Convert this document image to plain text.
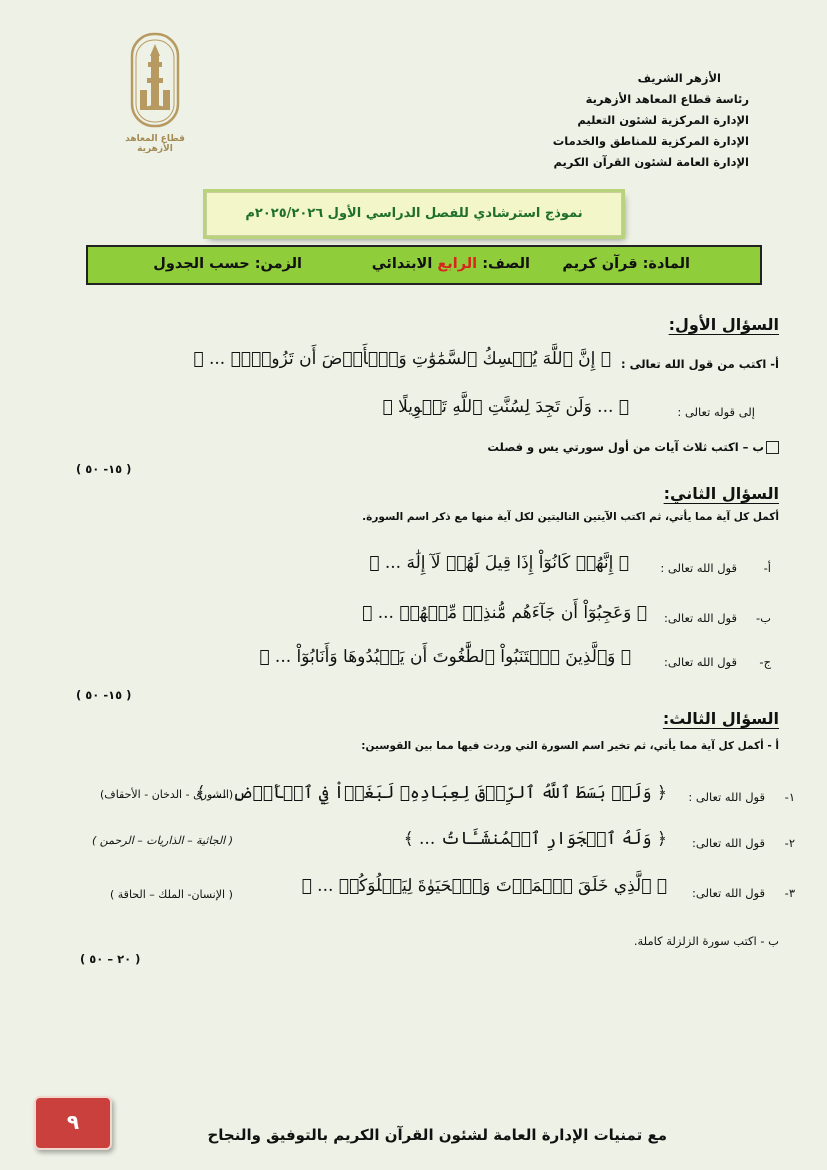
قطاع المعاهد الأزهرية
الأزهر الشريف
رئاسة قطاع المعاهد الأزهرية
الإدارة المركزية لشئون التعليم
الإدارة المركزية للمناطق والخدمات
الإدارة العامة لشئون القرآن الكريم
نموذج استرشادي للفصل الدراسي الأول ٢٠٢٥/٢٠٢٦م
المادة: قرآن كريم
الصف: الرابع الابتدائي
الزمن: حسب الجدول
السؤال الأول:
أ- اكتب من قول الله تعالى :
﴿ إِنَّ ٱللَّهَ يُمۡسِكُ ٱلسَّمَٰوَٰتِ وَٱلۡأَرۡضَ أَن تَزُولَاۚ ... ﴾
إلى قوله تعالى :
﴿ ... وَلَن تَجِدَ لِسُنَّتِ ٱللَّهِ تَحۡوِيلًا ﴾
ب – اكتب ثلاث آيات من أول سورتي يس و فصلت
( ١٥- ٥٠ )
السؤال الثاني:
أكمل كل آية مما يأتي، ثم اكتب الآيتين التاليتين لكل آية منها مع ذكر اسم السورة.
أ-
قول الله تعالى :
﴿ إِنَّهُمۡ كَانُوٓاْ إِذَا قِيلَ لَهُمۡ لَآ إِلَٰهَ ... ﴾
ب-
قول الله تعالى:
﴿ وَعَجِبُوٓاْ أَن جَآءَهُم مُّنذِرٞ مِّنۡهُمۡ ... ﴾
ج-
قول الله تعالى:
﴿ وَٱلَّذِينَ ٱجۡتَنَبُواْ ٱلطَّٰغُوتَ أَن يَعۡبُدُوهَا وَأَنَابُوٓاْ ... ﴾
( ١٥- ٥٠ )
السؤال الثالث:
أ - أكمل كل آية مما يأتي، ثم تخير اسم السورة التي وردت فيها مما بين القوسين:
١-
قول الله تعالى :
﴿ وَلَوۡ بَسَطَ ٱللَّهُ ٱلرِّزۡقَ لِعِبَادِهِۦ لَبَغَوۡاْ فِي ٱلۡأَرۡضِ ... ﴾
(الشورى - الدخان - الأحقاف)
٢-
قول الله تعالى:
﴿ وَلَهُ ٱلۡجَوَارِ ٱلۡمُنشَـَٔاتُ ... ﴾
( الجاثية – الذاريات – الرحمن )
٣-
قول الله تعالى:
﴿ ٱلَّذِي خَلَقَ ٱلۡمَوۡتَ وَٱلۡحَيَوٰةَ لِيَبۡلُوَكُمۡ ... ﴾
( الإنسان- الملك – الحاقة )
ب - اكتب سورة الزلزلة كاملة.
( ٢٠ – ٥٠ )
٩
مع تمنيات الإدارة العامة لشئون القرآن الكريم بالتوفيق والنجاح
